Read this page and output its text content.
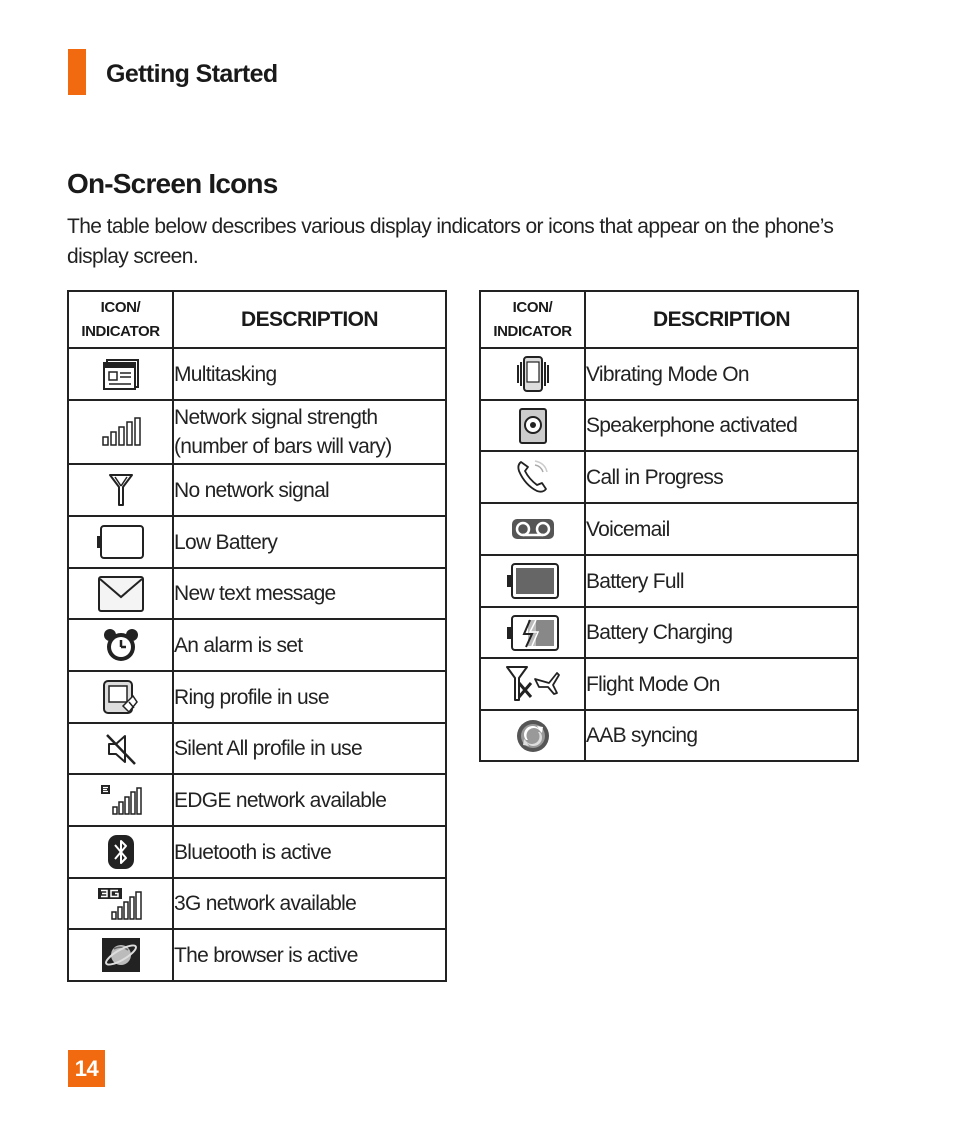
Getting Started
On-Screen Icons
The table below describes various display indicators or icons that appear on the phone’s display screen.
ICON/
INDICATOR	DESCRIPTION

	Multitasking

	Network signal strength
(number of bars will vary)

	No network signal

	Low Battery

	New text message

	An alarm is set

	Ring profile in use

	Silent All profile in use

	EDGE network available

	Bluetooth is active

	3G network available

	The browser is active
ICON/
INDICATOR	DESCRIPTION

	Vibrating Mode On

	Speakerphone activated

	Call in Progress

	Voicemail

	Battery Full

	Battery Charging

	Flight Mode On

	AAB syncing
14
